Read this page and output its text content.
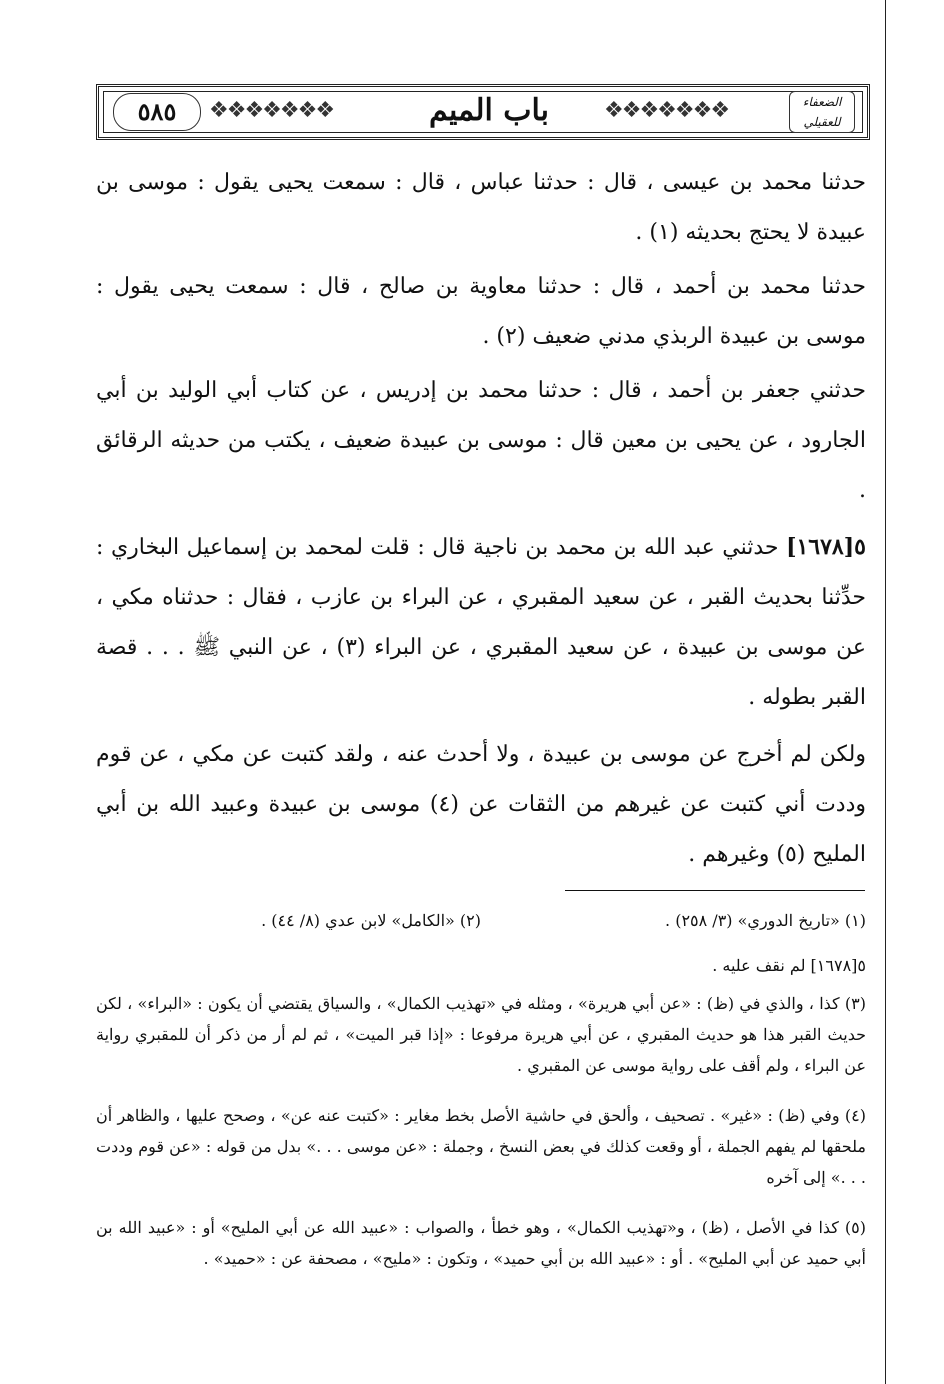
٥٨٥	❖❖❖❖❖❖❖	باب الميم	❖❖❖❖❖❖❖	الضعفاء للعقيلي

حدثنا محمد بن عيسى ، قال : حدثنا عباس ، قال : سمعت يحيى يقول : موسى بن عبيدة لا يحتج بحديثه (١) .

حدثنا محمد بن أحمد ، قال : حدثنا معاوية بن صالح ، قال : سمعت يحيى يقول : موسى بن عبيدة الربذي مدني ضعيف (٢) .

حدثني جعفر بن أحمد ، قال : حدثنا محمد بن إدريس ، عن كتاب أبي الوليد بن أبي الجارود ، عن يحيى بن معين قال : موسى بن عبيدة ضعيف ، يكتب من حديثه الرقائق .

٥[١٦٧٨] حدثني عبد الله بن محمد بن ناجية قال : قلت لمحمد بن إسماعيل البخاري : حدِّثنا بحديث القبر ، عن سعيد المقبري ، عن البراء بن عازب ، فقال : حدثناه مكي ، عن موسى بن عبيدة ، عن سعيد المقبري ، عن البراء (٣) ، عن النبي ﷺ . . . قصة القبر بطوله .

ولكن لم أخرج عن موسى بن عبيدة ، ولا أحدث عنه ، ولقد كتبت عن مكي ، عن قوم وددت أني كتبت عن غيرهم من الثقات عن (٤) موسى بن عبيدة وعبيد الله بن أبي المليح (٥) وغيرهم .

(١) «تاريخ الدوري» (٣/ ٢٥٨) .(٢) «الكامل» لابن عدي (٨/ ٤٤) .

٥[١٦٧٨] لم نقف عليه .

(٣) كذا ، والذي في (ظ) : «عن أبي هريرة» ، ومثله في «تهذيب الكمال» ، والسياق يقتضي أن يكون : «البراء» ، لكن حديث القبر هذا هو حديث المقبري ، عن أبي هريرة مرفوعا : «إذا قبر الميت» ، ثم لم أر من ذكر أن للمقبري رواية عن البراء ، ولم أقف على رواية موسى عن المقبري .

(٤) وفي (ظ) : «غير» . تصحيف ، وألحق في حاشية الأصل بخط مغاير : «كتبت عنه عن» ، وصحح عليها ، والظاهر أن ملحقها لم يفهم الجملة ، أو وقعت كذلك في بعض النسخ ، وجملة : «عن موسى . . .» بدل من قوله : «عن قوم وددت . . .» إلى آخره

(٥) كذا في الأصل ، (ظ) ، و«تهذيب الكمال» ، وهو خطأ ، والصواب : «عبيد الله عن أبي المليح» أو : «عبيد الله بن أبي حميد عن أبي المليح» . أو : «عبيد الله بن أبي حميد» ، وتكون : «مليح» ، مصحفة عن : «حميد» .
